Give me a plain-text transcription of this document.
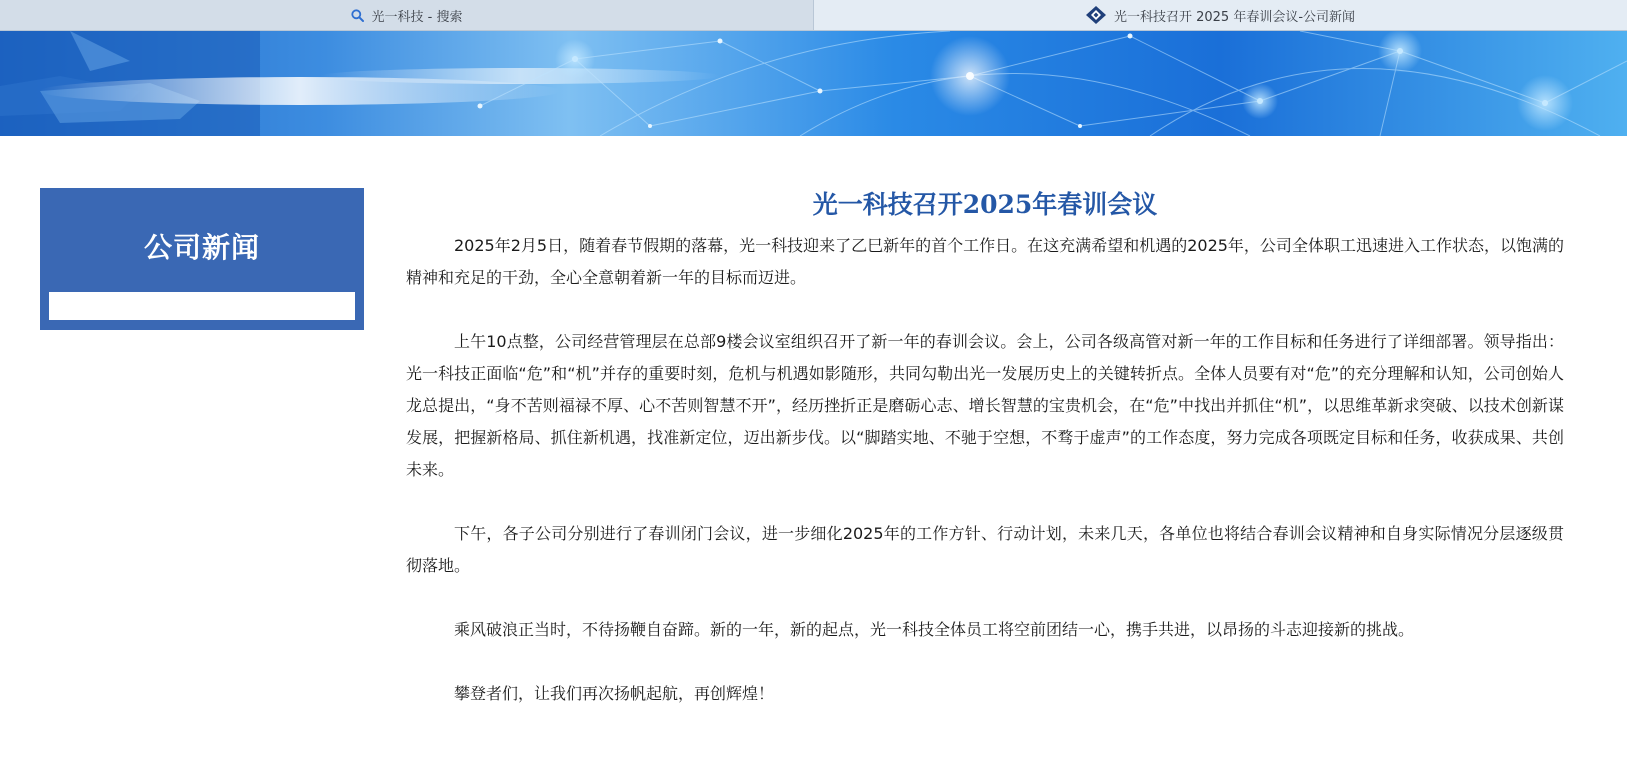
光一科技 - 搜索	光一科技召开 2025 年春训会议-公司新闻
公司新闻
光一科技召开2025年春训会议

2025年2月5日，随着春节假期的落幕，光一科技迎来了乙巳新年的首个工作日。在这充满希望和机遇的2025年，公司全体职工迅速进入工作状态，以饱满的精神和充足的干劲，全心全意朝着新一年的目标而迈进。

上午10点整，公司经营管理层在总部9楼会议室组织召开了新一年的春训会议。会上，公司各级高管对新一年的工作目标和任务进行了详细部署。领导指出：光一科技正面临“危”和“机”并存的重要时刻，危机与机遇如影随形，共同勾勒出光一发展历史上的关键转折点。全体人员要有对“危”的充分理解和认知，公司创始人龙总提出，“身不苦则福禄不厚、心不苦则智慧不开”，经历挫折正是磨砺心志、增长智慧的宝贵机会，在“危”中找出并抓住“机”，以思维革新求突破、以技术创新谋发展，把握新格局、抓住新机遇，找准新定位，迈出新步伐。以“脚踏实地、不驰于空想，不骛于虚声”的工作态度，努力完成各项既定目标和任务，收获成果、共创未来。

下午，各子公司分别进行了春训闭门会议，进一步细化2025年的工作方针、行动计划，未来几天，各单位也将结合春训会议精神和自身实际情况分层逐级贯彻落地。

乘风破浪正当时，不待扬鞭自奋蹄。新的一年，新的起点，光一科技全体员工将空前团结一心，携手共进，以昂扬的斗志迎接新的挑战。

攀登者们，让我们再次扬帆起航，再创辉煌！
